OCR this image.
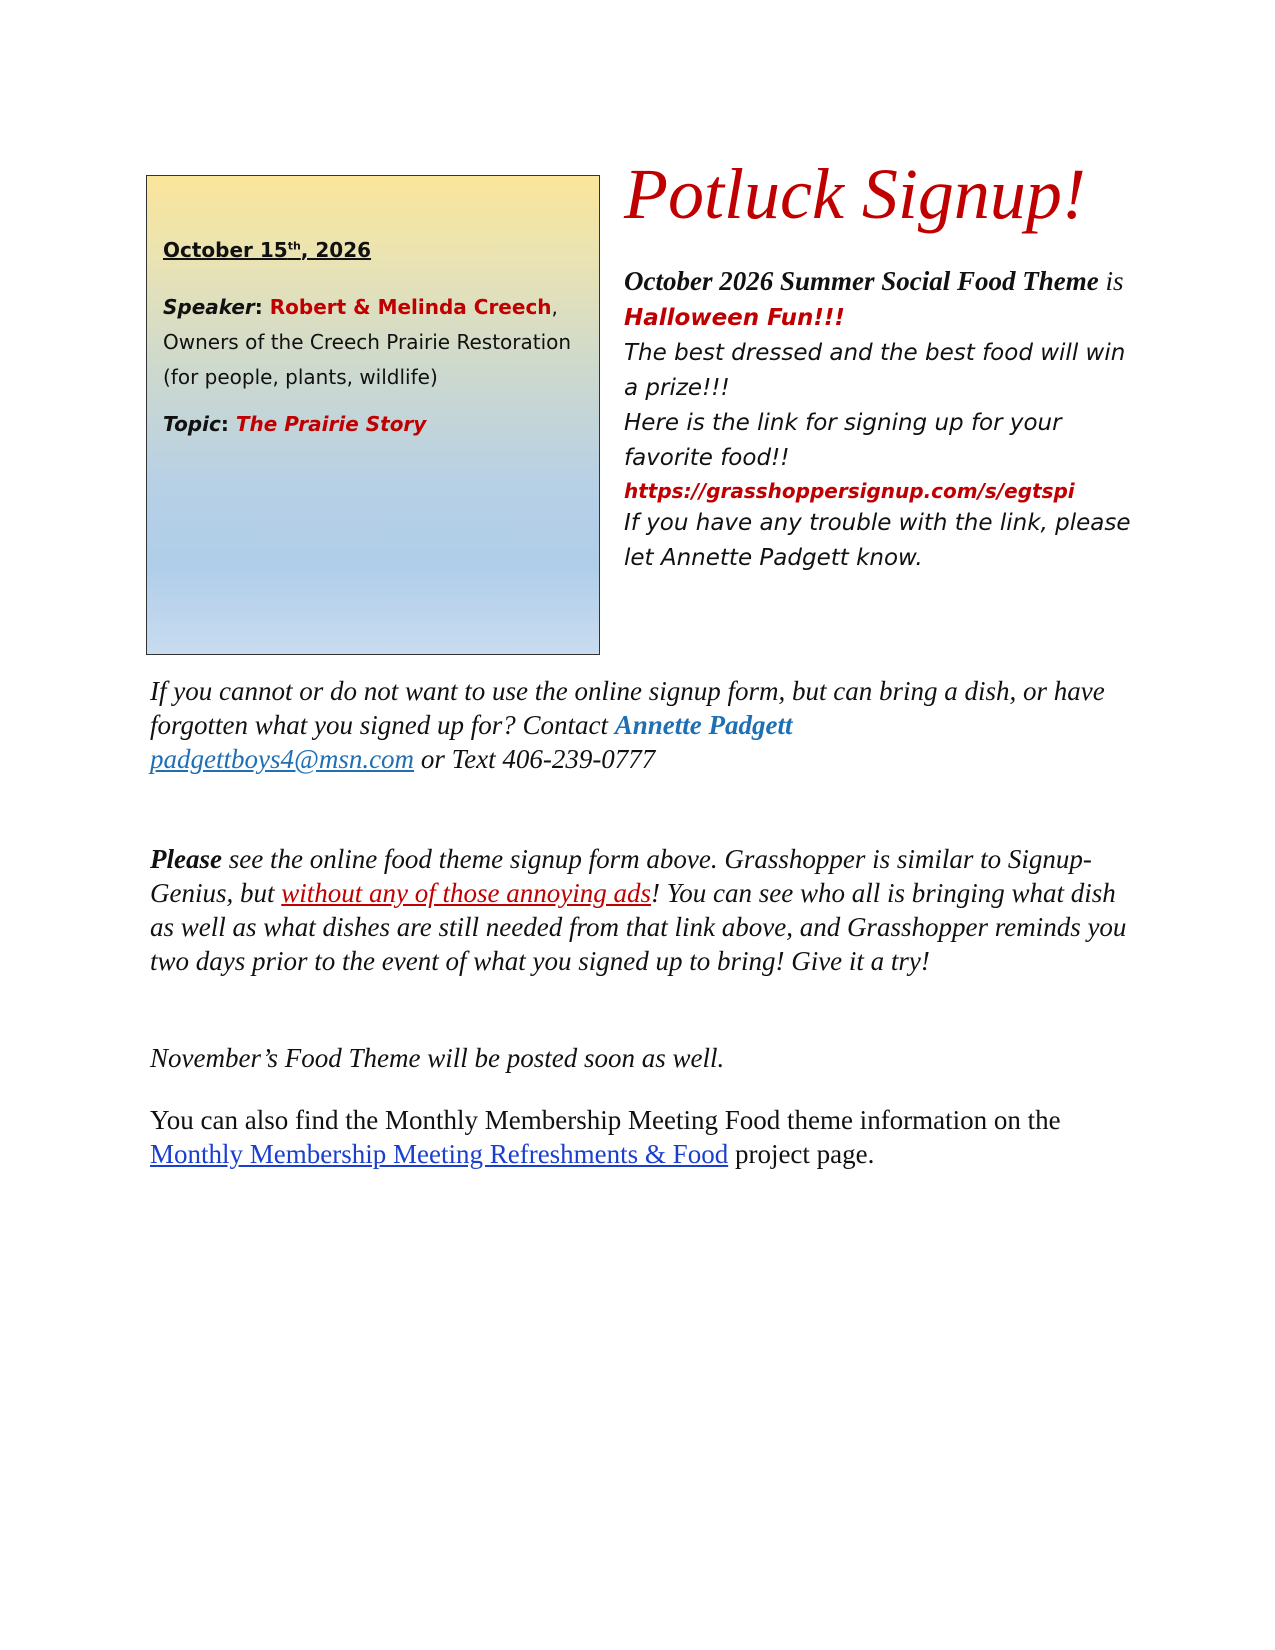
October 15th, 2026
Speaker: Robert & Melinda Creech, Owners of the Creech Prairie Restoration (for people, plants, wildlife)
Topic: The Prairie Story
Potluck Signup!
October 2026 Summer Social Food Theme is Halloween Fun!!!
The best dressed and the best food will win a prize!!!
Here is the link for signing up for your favorite food!!
https://grasshoppersignup.com/s/egtspi
If you have any trouble with the link, please let Annette Padgett know.
If you cannot or do not want to use the online signup form, but can bring a dish, or have forgotten what you signed up for? Contact Annette Padgett
padgettboys4@msn.com or Text 406-239-0777
Please see the online food theme signup form above. Grasshopper is similar to Signup-Genius, but without any of those annoying ads! You can see who all is bringing what dish as well as what dishes are still needed from that link above, and Grasshopper reminds you two days prior to the event of what you signed up to bring! Give it a try!
November’s Food Theme will be posted soon as well.
You can also find the Monthly Membership Meeting Food theme information on the Monthly Membership Meeting Refreshments & Food project page.
